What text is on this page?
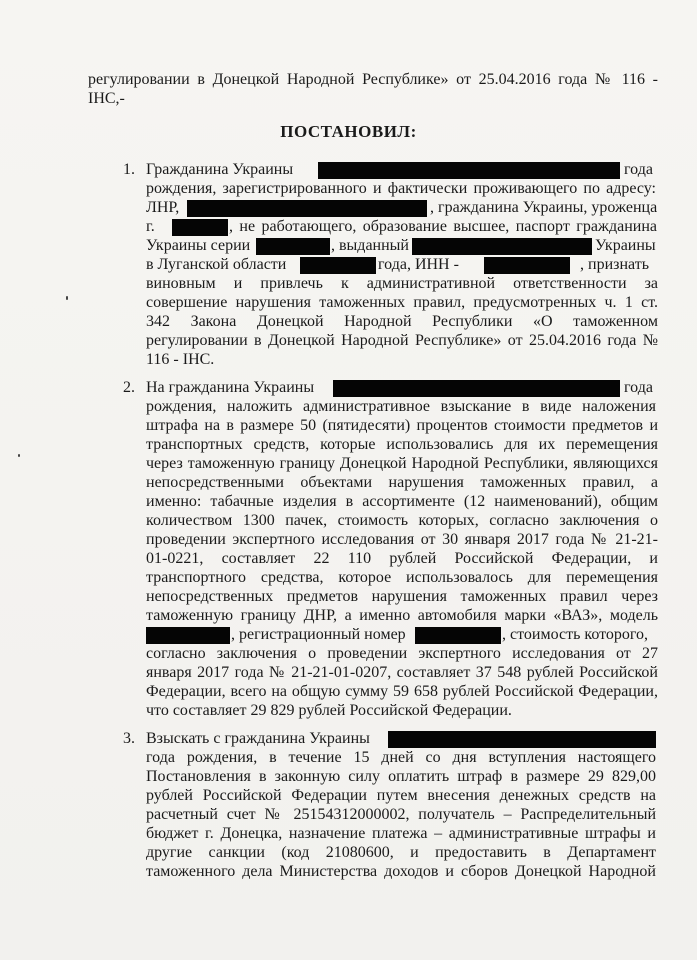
регулировании в Донецкой Народной Республике» от 25.04.2016 года № 116 -
ІНС,-
ПОСТАНОВИЛ:
1. Гражданина Украины	года
рождения, зарегистрированного и фактически проживающего по адресу:
ЛНР,	, гражданина Украины, уроженца
г.	, не работающего, образование высшее, паспорт гражданина
Украины серии	, выданный	Украины
в Луганской области	года, ИНН -	, признать
виновным и привлечь к административной ответственности за
совершение нарушения таможенных правил, предусмотренных ч. 1 ст.
342 Закона Донецкой Народной Республики «О таможенном
регулировании в Донецкой Народной Республике» от 25.04.2016 года №
116 - ІНС.
2. На гражданина Украины	года
рождения, наложить административное взыскание в виде наложения
штрафа на в размере 50 (пятидесяти) процентов стоимости предметов и
транспортных средств, которые использовались для их перемещения
через таможенную границу Донецкой Народной Республики, являющихся
непосредственными объектами нарушения таможенных правил, а
именно: табачные изделия в ассортименте (12 наименований), общим
количеством 1300 пачек, стоимость которых, согласно заключения о
проведении экспертного исследования от 30 января 2017 года № 21-21-
01-0221, составляет 22 110 рублей Российской Федерации, и
транспортного средства, которое использовалось для перемещения
непосредственных предметов нарушения таможенных правил через
таможенную границу ДНР, а именно автомобиля марки «ВАЗ», модель
, регистрационный номер	, стоимость которого,
согласно заключения о проведении экспертного исследования от 27
января 2017 года № 21-21-01-0207, составляет 37 548 рублей Российской
Федерации, всего на общую сумму 59 658 рублей Российской Федерации,
что составляет 29 829 рублей Российской Федерации.
3. Взыскать с гражданина Украины
года рождения, в течение 15 дней со дня вступления настоящего
Постановления в законную силу оплатить штраф в размере 29 829,00
рублей Российской Федерации путем внесения денежных средств на
расчетный счет № 25154312000002, получатель – Распределительный
бюджет г. Донецка, назначение платежа – административные штрафы и
другие санкции (код 21080600, и предоставить в Департамент
таможенного дела Министерства доходов и сборов Донецкой Народной
